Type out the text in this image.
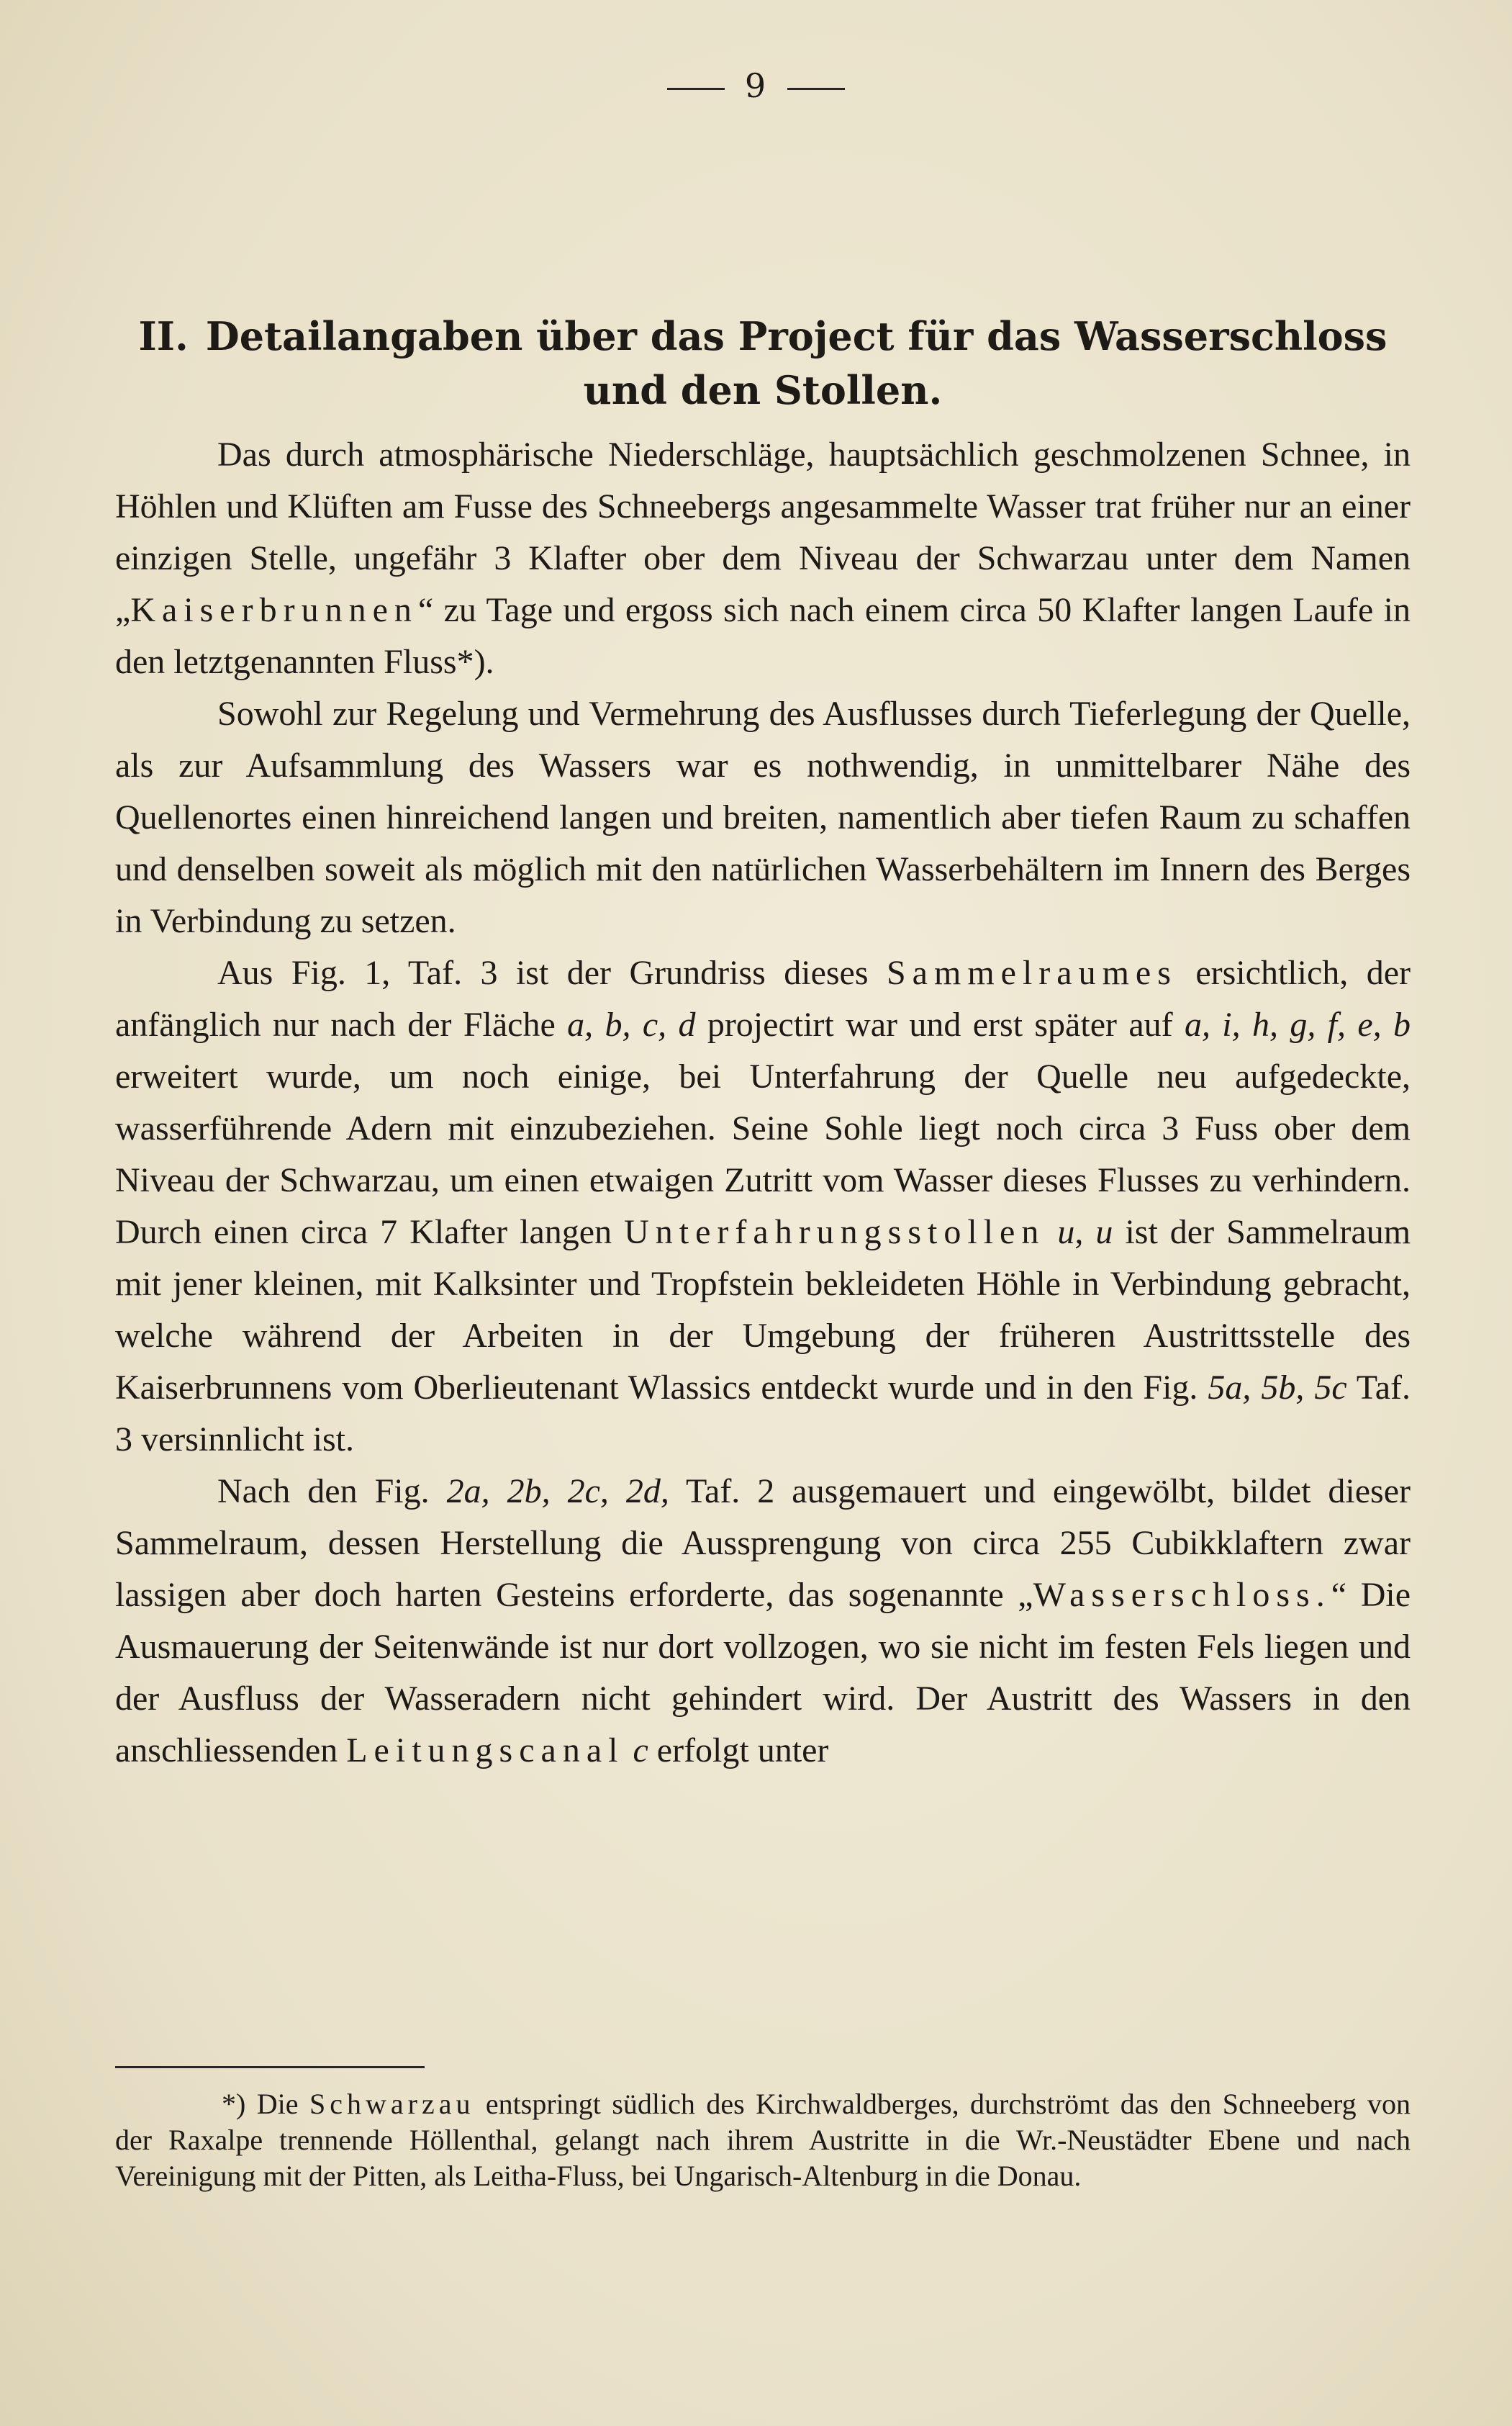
9
II. Detailangaben über das Project für das Wasserschloss und den Stollen.

Das durch atmosphärische Niederschläge, hauptsächlich geschmolzenen Schnee, in Höhlen und Klüften am Fusse des Schneebergs angesammelte Wasser trat früher nur an einer einzigen Stelle, ungefähr 3 Klafter ober dem Niveau der Schwarzau unter dem Namen „Kaiserbrunnen“ zu Tage und ergoss sich nach einem circa 50 Klafter langen Laufe in den letztgenannten Fluss*).

Sowohl zur Regelung und Vermehrung des Ausflusses durch Tieferlegung der Quelle, als zur Aufsammlung des Wassers war es nothwendig, in unmittelbarer Nähe des Quellenortes einen hinreichend langen und breiten, namentlich aber tiefen Raum zu schaffen und denselben soweit als möglich mit den natürlichen Wasserbehältern im Innern des Berges in Verbindung zu setzen.

Aus Fig. 1, Taf. 3 ist der Grundriss dieses Sammelraumes ersichtlich, der anfänglich nur nach der Fläche a, b, c, d projectirt war und erst später auf a, i, h, g, f, e, b erweitert wurde, um noch einige, bei Unterfahrung der Quelle neu aufgedeckte, wasserführende Adern mit einzubeziehen. Seine Sohle liegt noch circa 3 Fuss ober dem Niveau der Schwarzau, um einen etwaigen Zutritt vom Wasser dieses Flusses zu verhindern. Durch einen circa 7 Klafter langen Unterfahrungsstollen u, u ist der Sammelraum mit jener kleinen, mit Kalksinter und Tropfstein bekleideten Höhle in Verbindung gebracht, welche während der Arbeiten in der Umgebung der früheren Austrittsstelle des Kaiserbrunnens vom Oberlieutenant Wlassics entdeckt wurde und in den Fig. 5a, 5b, 5c Taf. 3 versinnlicht ist.

Nach den Fig. 2a, 2b, 2c, 2d, Taf. 2 ausgemauert und eingewölbt, bildet dieser Sammelraum, dessen Herstellung die Aussprengung von circa 255 Cubikklaftern zwar lassigen aber doch harten Gesteins erforderte, das sogenannte „Wasserschloss.“ Die Ausmauerung der Seitenwände ist nur dort vollzogen, wo sie nicht im festen Fels liegen und der Ausfluss der Wasseradern nicht gehindert wird. Der Austritt des Wassers in den anschliessenden Leitungscanal c erfolgt unter

*) Die Schwarzau entspringt südlich des Kirchwaldberges, durchströmt das den Schneeberg von der Raxalpe trennende Höllenthal, gelangt nach ihrem Austritte in die Wr.-Neustädter Ebene und nach Vereinigung mit der Pitten, als Leitha-Fluss, bei Ungarisch-Altenburg in die Donau.
